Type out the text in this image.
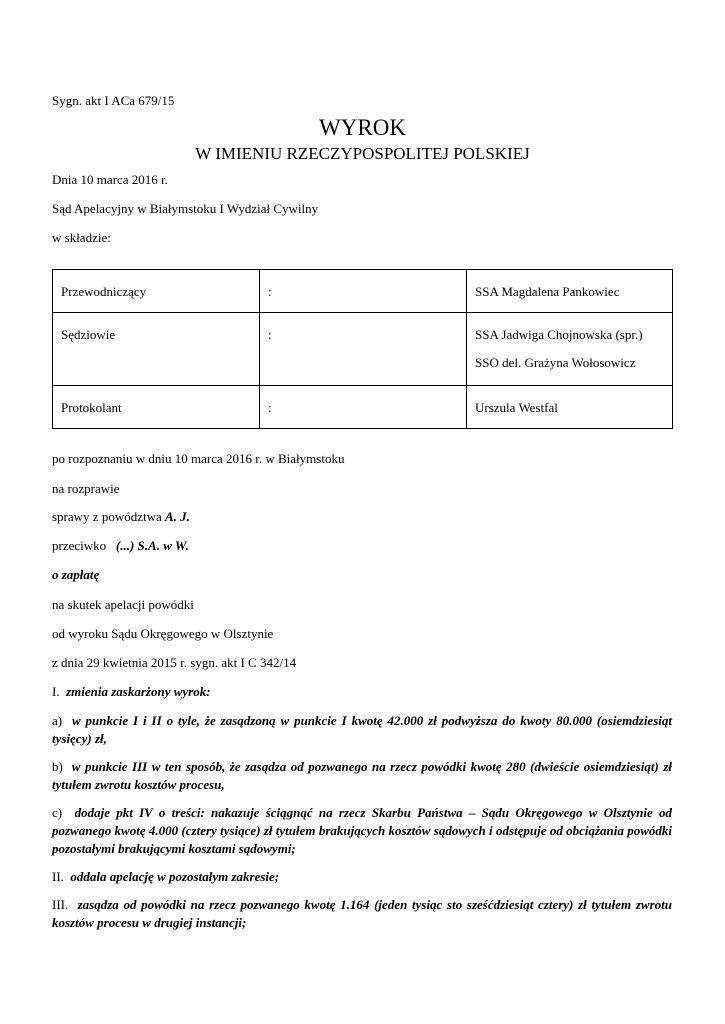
Sygn. akt I ACa 679/15
WYROK
W IMIENIU RZECZYPOSPOLITEJ POLSKIEJ
Dnia 10 marca 2016 r.
Sąd Apelacyjny w Białymstoku I Wydział Cywilny
w składzie:
Przewodniczący	:	SSA Magdalena Pankowiec

Sędziowie	:	SSA Jadwiga Chojnowska (spr.)
SSO del. Grażyna Wołosowicz

Protokolant	:	Urszula Westfal
po rozpoznaniu w dniu 10 marca 2016 r. w Białymstoku
na rozprawie
sprawy z powództwa A. J.
przeciwko   (...) S.A. w W.
o zapłatę
na skutek apelacji powódki
od wyroku Sądu Okręgowego w Olsztynie
z dnia 29 kwietnia 2015 r. sygn. akt I C 342/14
I.  zmienia zaskarżony wyrok:
a)  w punkcie I i II o tyle, że zasądzoną w punkcie I kwotę 42.000 zł podwyższa do kwoty 80.000 (osiemdziesiąt tysięcy) zł,
b)  w punkcie III w ten sposób, że zasądza od pozwanego na rzecz powódki kwotę 280 (dwieście osiemdziesiąt) zł tytułem zwrotu kosztów procesu,
c)  dodaje pkt IV o treści: nakazuje ściągnąć na rzecz Skarbu Państwa – Sądu Okręgowego w Olsztynie od pozwanego kwotę 4.000 (cztery tysiące) zł tytułem brakujących kosztów sądowych i odstępuje od obciążania powódki pozostałymi brakującymi kosztami sądowymi;
II.  oddala apelację w pozostałym zakresie;
III.  zasądza od powódki na rzecz pozwanego kwotę 1.164 (jeden tysiąc sto sześćdziesiąt cztery) zł tytułem zwrotu kosztów procesu w drugiej instancji;
